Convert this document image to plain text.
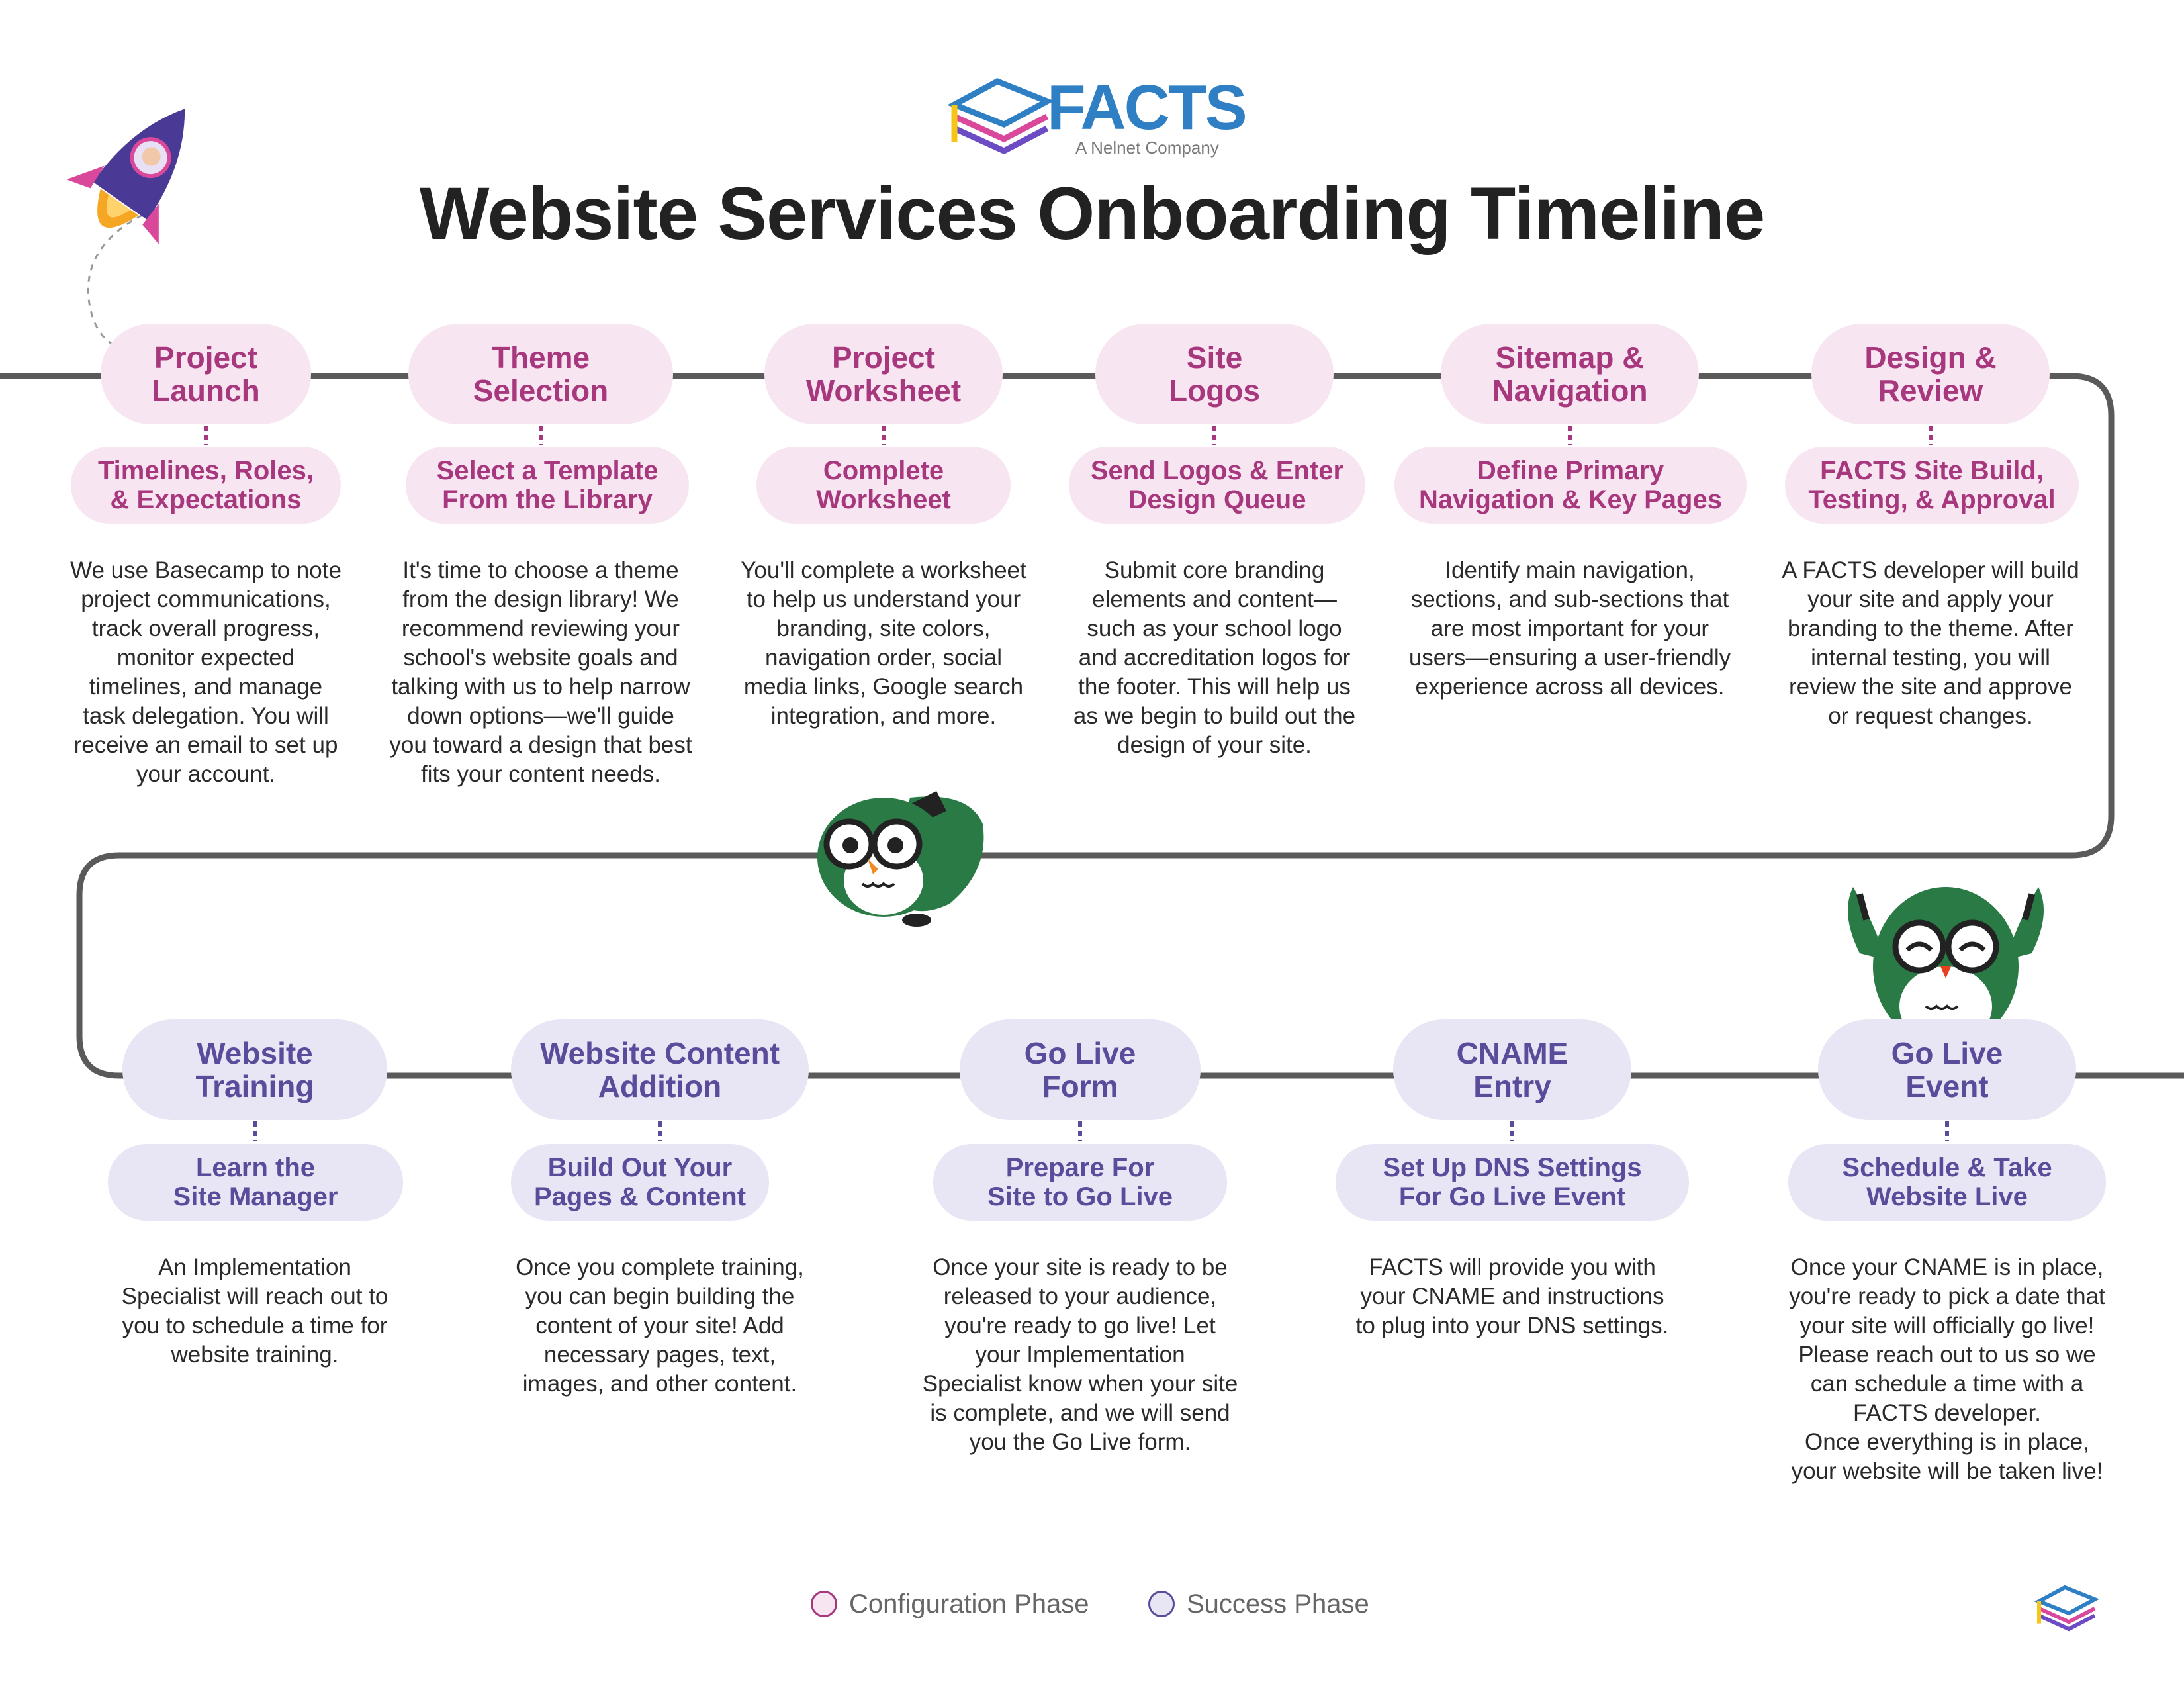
FACTS
A Nelnet Company
Website Services Onboarding Timeline
Project
Launch
Timelines, Roles,
& Expectations
We use Basecamp to note
project communications,
track overall progress,
monitor expected
timelines, and manage
task delegation. You will
receive an email to set up
your account.
Theme
Selection
Select a Template
From the Library
It's time to choose a theme
from the design library! We
recommend reviewing your
school's website goals and
talking with us to help narrow
down options—we'll guide
you toward a design that best
fits your content needs.
Project
Worksheet
Complete
Worksheet
You'll complete a worksheet
to help us understand your
branding, site colors,
navigation order, social
media links, Google search
integration, and more.
Site
Logos
Send Logos & Enter
Design Queue
Submit core branding
elements and content—
such as your school logo
and accreditation logos for
the footer. This will help us
as we begin to build out the
design of your site.
Sitemap &
Navigation
Define Primary
Navigation & Key Pages
Identify main navigation,
sections, and sub-sections that
are most important for your
users—ensuring a user-friendly
experience across all devices.
Design &
Review
FACTS Site Build,
Testing, & Approval
A FACTS developer will build
your site and apply your
branding to the theme. After
internal testing, you will
review the site and approve
or request changes.
Website
Training
Learn the
Site Manager
An Implementation
Specialist will reach out to
you to schedule a time for
website training.
Website Content
Addition
Build Out Your
Pages & Content
Once you complete training,
you can begin building the
content of your site! Add
necessary pages, text,
images, and other content.
Go Live
Form
Prepare For
Site to Go Live
Once your site is ready to be
released to your audience,
you're ready to go live! Let
your Implementation
Specialist know when your site
is complete, and we will send
you the Go Live form.
CNAME
Entry
Set Up DNS Settings
For Go Live Event
FACTS will provide you with
your CNAME and instructions
to plug into your DNS settings.
Go Live
Event
Schedule & Take
Website Live
Once your CNAME is in place,
you're ready to pick a date that
your site will officially go live!
Please reach out to us so we
can schedule a time with a
FACTS developer.
Once everything is in place,
your website will be taken live!
Configuration Phase	Success Phase
